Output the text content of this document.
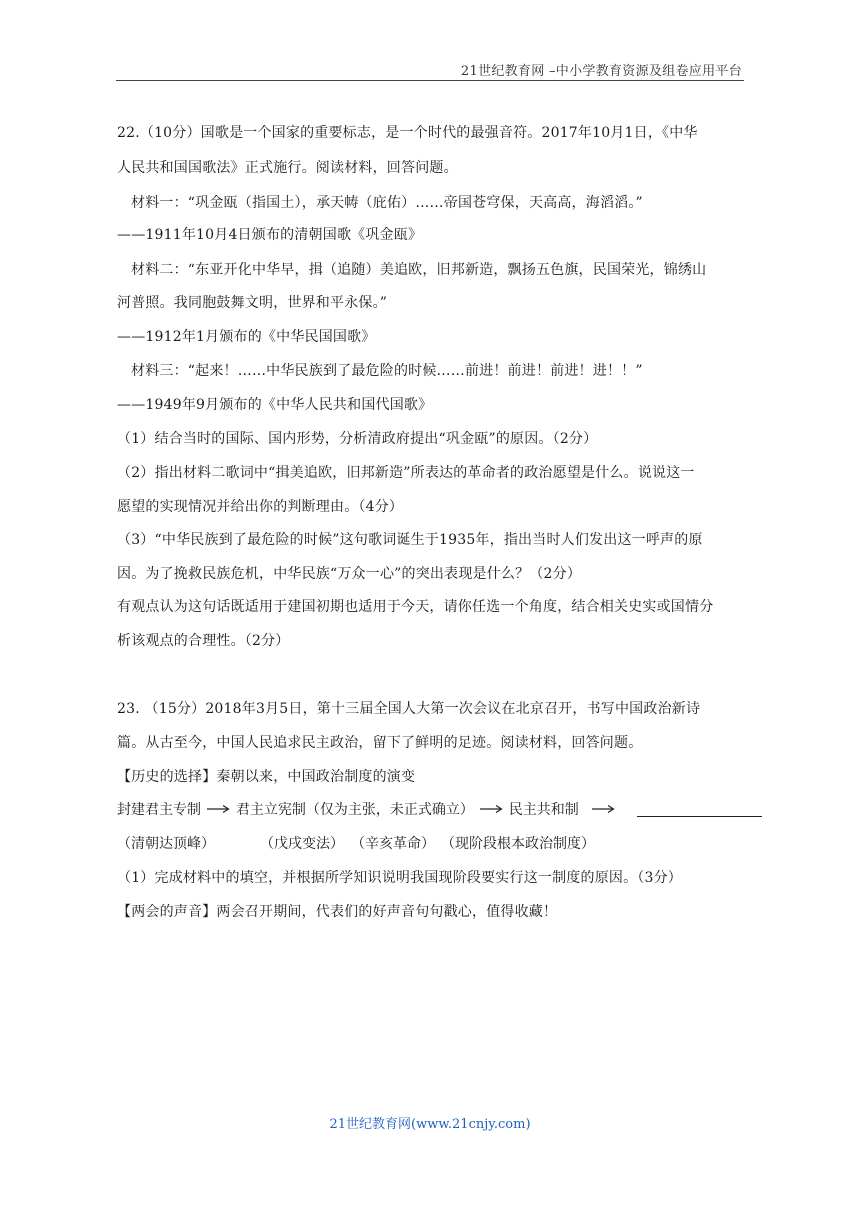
21世纪教育网 –中小学教育资源及组卷应用平台
22.（10分）国歌是一个国家的重要标志，是一个时代的最强音符。2017年10月1日，《中华
人民共和国国歌法》正式施行。阅读材料，回答问题。
材料一：“巩金瓯（指国土），承天帱（庇佑）……帝国苍穹保，天高高，海滔滔。”
——1911年10月4日颁布的清朝国歌《巩金瓯》
材料二：“东亚开化中华早，揖（追随）美追欧，旧邦新造，飘扬五色旗，民国荣光，锦绣山
河普照。我同胞鼓舞文明，世界和平永保。”
——1912年1月颁布的《中华民国国歌》
材料三：“起来！……中华民族到了最危险的时候……前进！前进！前进！进！！”
——1949年9月颁布的《中华人民共和国代国歌》
（1）结合当时的国际、国内形势，分析清政府提出“巩金瓯”的原因。（2分）
（2）指出材料二歌词中“揖美追欧，旧邦新造”所表达的革命者的政治愿望是什么。说说这一
愿望的实现情况并给出你的判断理由。（4分）
（3）“中华民族到了最危险的时候”这句歌词诞生于1935年，指出当时人们发出这一呼声的原
因。为了挽救民族危机，中华民族“万众一心”的突出表现是什么？（2分）
有观点认为这句话既适用于建国初期也适用于今天，请你任选一个角度，结合相关史实或国情分
析该观点的合理性。（2分）
23. （15分）2018年3月5日，第十三届全国人大第一次会议在北京召开，书写中国政治新诗
篇。从古至今，中国人民追求民主政治，留下了鲜明的足迹。阅读材料，回答问题。
【历史的选择】秦朝以来，中国政治制度的演变
封建君主专制 君主立宪制（仅为主张，未正式确立） 民主共和制
（清朝达顶峰）	（戊戌变法） （辛亥革命） （现阶段根本政治制度）
（1）完成材料中的填空，并根据所学知识说明我国现阶段要实行这一制度的原因。（3分）
【两会的声音】两会召开期间，代表们的好声音句句戳心，值得收藏！
21世纪教育网(www.21cnjy.com)
